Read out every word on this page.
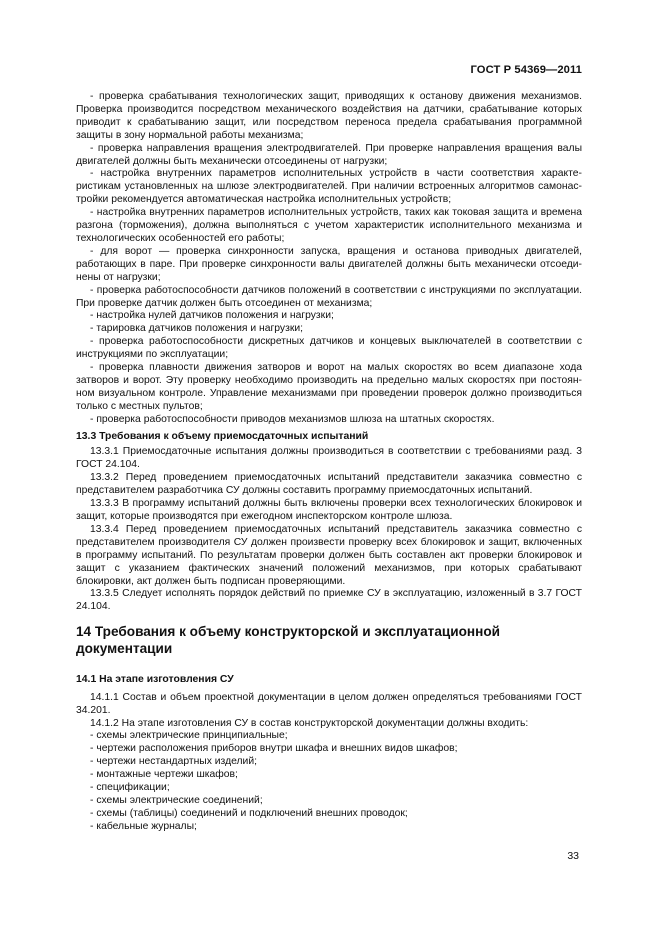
ГОСТ Р 54369—2011

- проверка срабатывания технологических защит, приводящих к останову движения механизмов. Проверка производится посредством механического воздействия на датчики, срабатывание которых приводит к срабатыванию защит, или посредством переноса предела срабатывания программной защиты в зону нормальной работы механизма;

- проверка направления вращения электродвигателей. При проверке направления вращения валы двигателей должны быть механически отсоединены от нагрузки;

- настройка внутренних параметров исполнительных устройств в части соответствия характеристикам установленных на шлюзе электродвигателей. При наличии встроенных алгоритмов самонастройки рекомендуется автоматическая настройка исполнительных устройств;

- настройка внутренних параметров исполнительных устройств, таких как токовая защита и времена разгона (торможения), должна выполняться с учетом характеристик исполнительного механизма и технологических особенностей его работы;

- для ворот — проверка синхронности запуска, вращения и останова приводных двигателей, работающих в паре. При проверке синхронности валы двигателей должны быть механически отсоединены от нагрузки;

- проверка работоспособности датчиков положений в соответствии с инструкциями по эксплуатации. При проверке датчик должен быть отсоединен от механизма;

- настройка нулей датчиков положения и нагрузки;

- тарировка датчиков положения и нагрузки;

- проверка работоспособности дискретных датчиков и концевых выключателей в соответствии с инструкциями по эксплуатации;

- проверка плавности движения затворов и ворот на малых скоростях во всем диапазоне хода затворов и ворот. Эту проверку необходимо производить на предельно малых скоростях при постоянном визуальном контроле. Управление механизмами при проведении проверок должно производиться только с местных пультов;

- проверка работоспособности приводов механизмов шлюза на штатных скоростях.

13.3 Требования к объему приемосдаточных испытаний

13.3.1 Приемосдаточные испытания должны производиться в соответствии с требованиями разд. 3 ГОСТ 24.104.

13.3.2 Перед проведением приемосдаточных испытаний представители заказчика совместно с представителем разработчика СУ должны составить программу приемосдаточных испытаний.

13.3.3 В программу испытаний должны быть включены проверки всех технологических блокировок и защит, которые производятся при ежегодном инспекторском контроле шлюза.

13.3.4 Перед проведением приемосдаточных испытаний представитель заказчика совместно с представителем производителя СУ должен произвести проверку всех блокировок и защит, включенных в программу испытаний. По результатам проверки должен быть составлен акт проверки блокировок и защит с указанием фактических значений положений механизмов, при которых срабатывают блокировки, акт должен быть подписан проверяющими.

13.3.5 Следует исполнять порядок действий по приемке СУ в эксплуатацию, изложенный в 3.7 ГОСТ 24.104.

14 Требования к объему конструкторской и эксплуатационной документации

14.1 На этапе изготовления СУ

14.1.1 Состав и объем проектной документации в целом должен определяться требованиями ГОСТ 34.201.

14.1.2 На этапе изготовления СУ в состав конструкторской документации должны входить:

- схемы электрические принципиальные;

- чертежи расположения приборов внутри шкафа и внешних видов шкафов;

- чертежи нестандартных изделий;

- монтажные чертежи шкафов;

- спецификации;

- схемы электрические соединений;

- схемы (таблицы) соединений и подключений внешних проводок;

- кабельные журналы;

33
